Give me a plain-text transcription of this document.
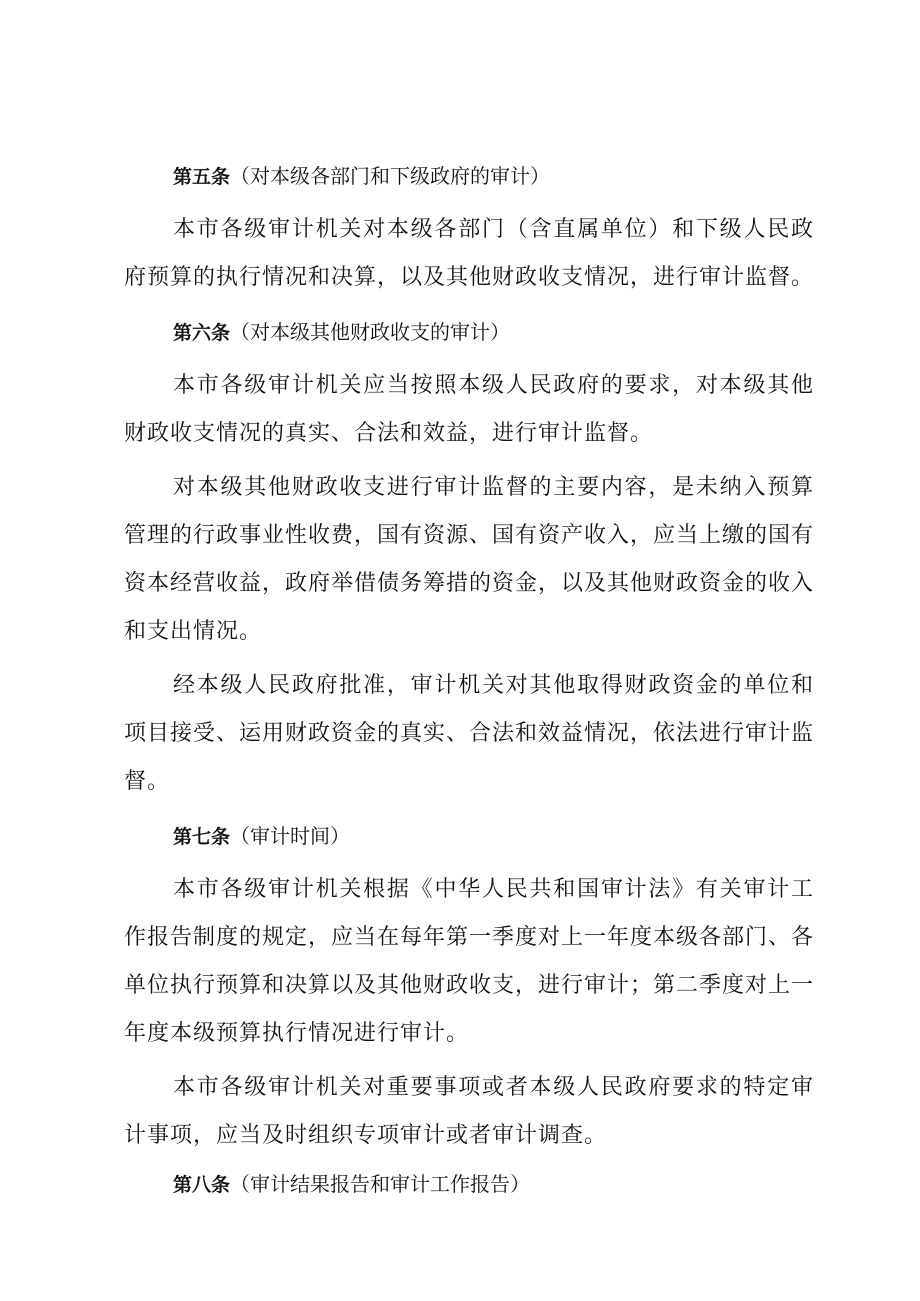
第五条（对本级各部门和下级政府的审计）

本市各级审计机关对本级各部门（含直属单位）和下级人民政
府预算的执行情况和决算，以及其他财政收支情况，进行审计监督。

第六条（对本级其他财政收支的审计）

本市各级审计机关应当按照本级人民政府的要求，对本级其他
财政收支情况的真实、合法和效益，进行审计监督。

对本级其他财政收支进行审计监督的主要内容，是未纳入预算
管理的行政事业性收费，国有资源、国有资产收入，应当上缴的国有
资本经营收益，政府举借债务筹措的资金，以及其他财政资金的收入
和支出情况。

经本级人民政府批准，审计机关对其他取得财政资金的单位和
项目接受、运用财政资金的真实、合法和效益情况，依法进行审计监
督。

第七条（审计时间）

本市各级审计机关根据《中华人民共和国审计法》有关审计工
作报告制度的规定，应当在每年第一季度对上一年度本级各部门、各
单位执行预算和决算以及其他财政收支，进行审计；第二季度对上一
年度本级预算执行情况进行审计。

本市各级审计机关对重要事项或者本级人民政府要求的特定审
计事项，应当及时组织专项审计或者审计调查。

第八条（审计结果报告和审计工作报告）
